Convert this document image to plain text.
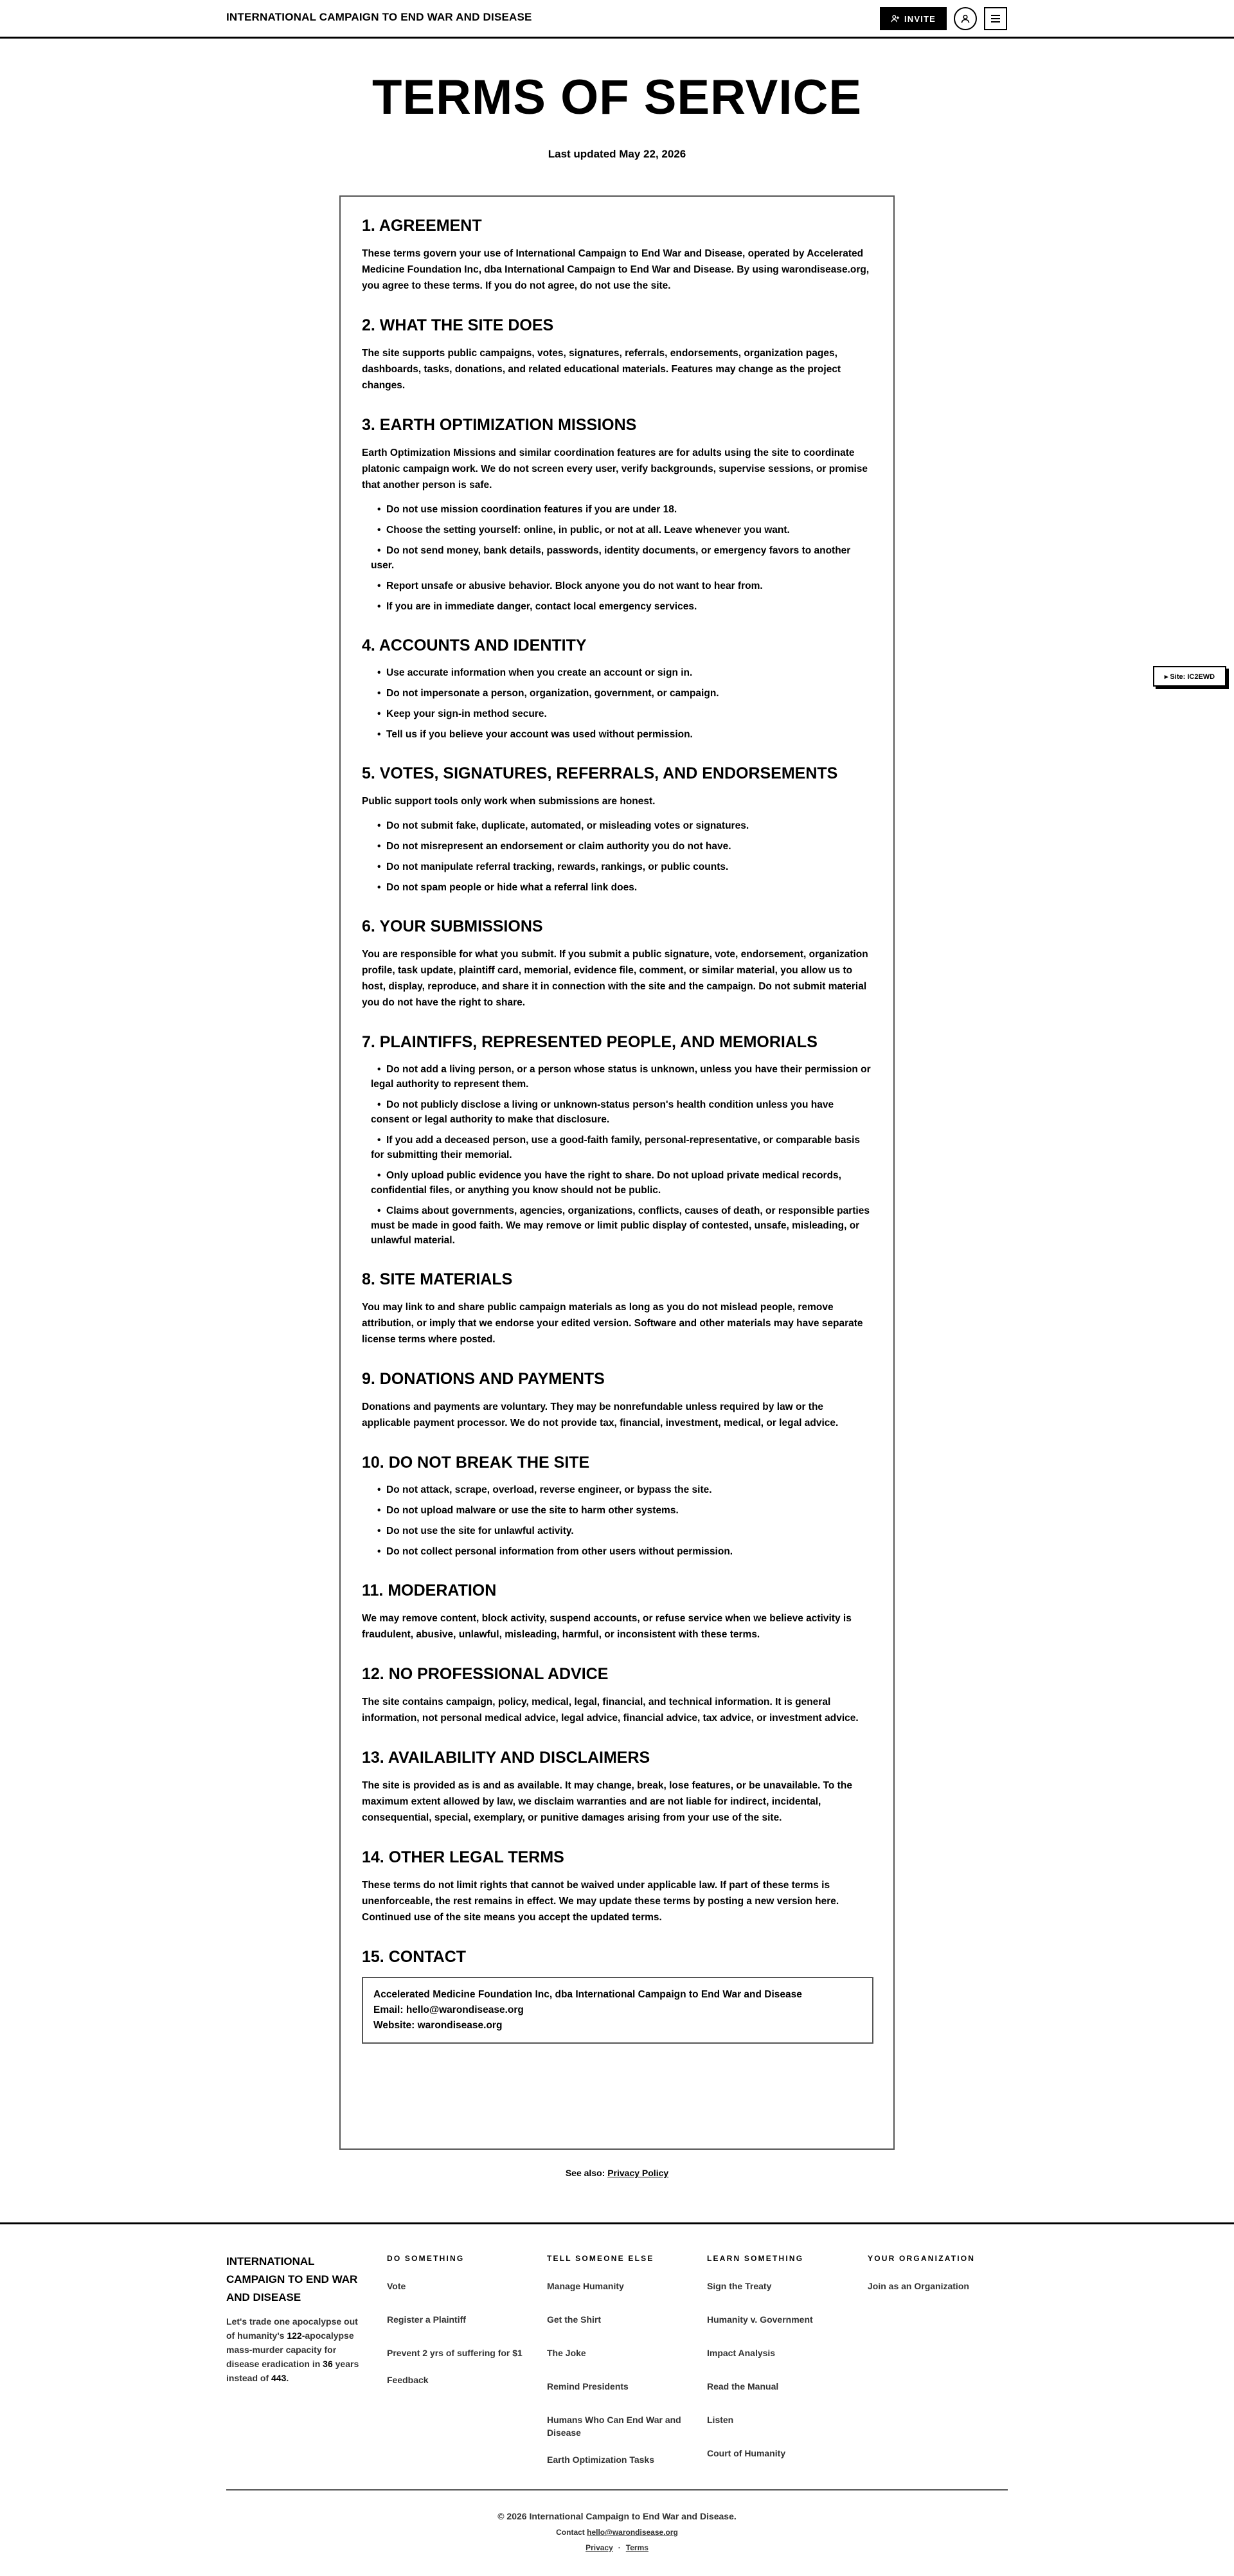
INTERNATIONAL CAMPAIGN TO END WAR AND DISEASE	INVITE
TERMS OF SERVICE
Last updated May 22, 2026
▸ Site: IC2EWD
1. AGREEMENT

These terms govern your use of International Campaign to End War and Disease, operated by Accelerated Medicine Foundation Inc, dba International Campaign to End War and Disease. By using warondisease.org, you agree to these terms. If you do not agree, do not use the site.

2. WHAT THE SITE DOES

The site supports public campaigns, votes, signatures, referrals, endorsements, organization pages, dashboards, tasks, donations, and related educational materials. Features may change as the project changes.

3. EARTH OPTIMIZATION MISSIONS

Earth Optimization Missions and similar coordination features are for adults using the site to coordinate platonic campaign work. We do not screen every user, verify backgrounds, supervise sessions, or promise that another person is safe.

• Do not use mission coordination features if you are under 18.
• Choose the setting yourself: online, in public, or not at all. Leave whenever you want.
• Do not send money, bank details, passwords, identity documents, or emergency favors to another user.
• Report unsafe or abusive behavior. Block anyone you do not want to hear from.
• If you are in immediate danger, contact local emergency services.
4. ACCOUNTS AND IDENTITY
• Use accurate information when you create an account or sign in.
• Do not impersonate a person, organization, government, or campaign.
• Keep your sign-in method secure.
• Tell us if you believe your account was used without permission.
5. VOTES, SIGNATURES, REFERRALS, AND ENDORSEMENTS

Public support tools only work when submissions are honest.

• Do not submit fake, duplicate, automated, or misleading votes or signatures.
• Do not misrepresent an endorsement or claim authority you do not have.
• Do not manipulate referral tracking, rewards, rankings, or public counts.
• Do not spam people or hide what a referral link does.
6. YOUR SUBMISSIONS

You are responsible for what you submit. If you submit a public signature, vote, endorsement, organization profile, task update, plaintiff card, memorial, evidence file, comment, or similar material, you allow us to host, display, reproduce, and share it in connection with the site and the campaign. Do not submit material you do not have the right to share.

7. PLAINTIFFS, REPRESENTED PEOPLE, AND MEMORIALS
• Do not add a living person, or a person whose status is unknown, unless you have their permission or legal authority to represent them.
• Do not publicly disclose a living or unknown-status person's health condition unless you have consent or legal authority to make that disclosure.
• If you add a deceased person, use a good-faith family, personal-representative, or comparable basis for submitting their memorial.
• Only upload public evidence you have the right to share. Do not upload private medical records, confidential files, or anything you know should not be public.
• Claims about governments, agencies, organizations, conflicts, causes of death, or responsible parties must be made in good faith. We may remove or limit public display of contested, unsafe, misleading, or unlawful material.
8. SITE MATERIALS

You may link to and share public campaign materials as long as you do not mislead people, remove attribution, or imply that we endorse your edited version. Software and other materials may have separate license terms where posted.

9. DONATIONS AND PAYMENTS

Donations and payments are voluntary. They may be nonrefundable unless required by law or the applicable payment processor. We do not provide tax, financial, investment, medical, or legal advice.

10. DO NOT BREAK THE SITE
• Do not attack, scrape, overload, reverse engineer, or bypass the site.
• Do not upload malware or use the site to harm other systems.
• Do not use the site for unlawful activity.
• Do not collect personal information from other users without permission.
11. MODERATION

We may remove content, block activity, suspend accounts, or refuse service when we believe activity is fraudulent, abusive, unlawful, misleading, harmful, or inconsistent with these terms.

12. NO PROFESSIONAL ADVICE

The site contains campaign, policy, medical, legal, financial, and technical information. It is general information, not personal medical advice, legal advice, financial advice, tax advice, or investment advice.

13. AVAILABILITY AND DISCLAIMERS

The site is provided as is and as available. It may change, break, lose features, or be unavailable. To the maximum extent allowed by law, we disclaim warranties and are not liable for indirect, incidental, consequential, special, exemplary, or punitive damages arising from your use of the site.

14. OTHER LEGAL TERMS

These terms do not limit rights that cannot be waived under applicable law. If part of these terms is unenforceable, the rest remains in effect. We may update these terms by posting a new version here. Continued use of the site means you accept the updated terms.

15. CONTACT
Accelerated Medicine Foundation Inc, dba International Campaign to End War and Disease
Email: hello@warondisease.org
Website: warondisease.org
See also: Privacy Policy
INTERNATIONAL CAMPAIGN TO END WAR AND DISEASE
Let's trade one apocalypse out of humanity's 122-apocalypse mass-murder capacity for disease eradication in 36 years instead of 443.
DO SOMETHING
Vote
Register a Plaintiff
Prevent 2 yrs of suffering for $1
Feedback
TELL SOMEONE ELSE
Manage Humanity
Get the Shirt
The Joke
Remind Presidents
Humans Who Can End War and Disease
Earth Optimization Tasks
LEARN SOMETHING
Sign the Treaty
Humanity v. Government
Impact Analysis
Read the Manual
Listen
Court of Humanity
YOUR ORGANIZATION
Join as an Organization
© 2026 International Campaign to End War and Disease.
Contact hello@warondisease.org
Privacy · Terms
